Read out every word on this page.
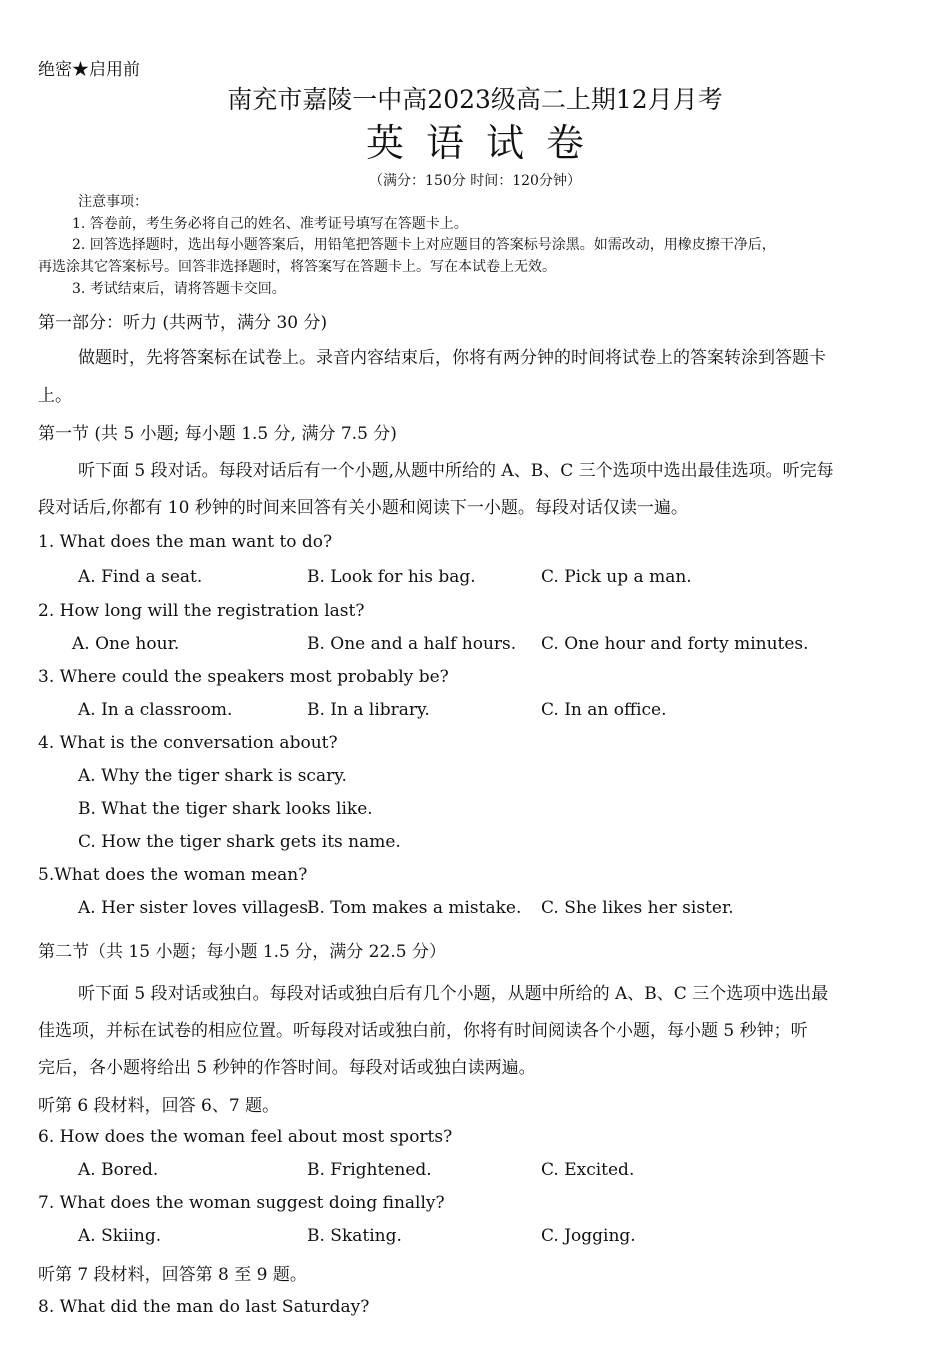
绝密★启用前
南充市嘉陵一中高2023级高二上期12月月考
英语试卷
（满分：150分 时间：120分钟）
注意事项：
1. 答卷前，考生务必将自己的姓名、准考证号填写在答题卡上。
2. 回答选择题时，选出每小题答案后，用铅笔把答题卡上对应题目的答案标号涂黑。如需改动，用橡皮擦干净后，
再选涂其它答案标号。回答非选择题时，将答案写在答题卡上。写在本试卷上无效。
3. 考试结束后，请将答题卡交回。
第一部分：听力 (共两节，满分 30 分)
做题时，先将答案标在试卷上。录音内容结束后，你将有两分钟的时间将试卷上的答案转涂到答题卡
上。
第一节 (共 5 小题; 每小题 1.5 分, 满分 7.5 分)
听下面 5 段对话。每段对话后有一个小题,从题中所给的 A、B、C 三个选项中选出最佳选项。听完每
段对话后,你都有 10 秒钟的时间来回答有关小题和阅读下一小题。每段对话仅读一遍。
1. What does the man want to do?
A. Find a seat.	B. Look for his bag.	C. Pick up a man.
2. How long will the registration last?
A. One hour.	B. One and a half hours. C. One hour and forty minutes.
3. Where could the speakers most probably be?
A. In a classroom.	B. In a library.	C. In an office.
4. What is the conversation about?
A. Why the tiger shark is scary.
B. What the tiger shark looks like.
C. How the tiger shark gets its name.
5.What does the woman mean?
A. Her sister loves villages.
B. Tom makes a mistake. C. She likes her sister.
第二节（共 15 小题；每小题 1.5 分，满分 22.5 分）
听下面 5 段对话或独白。每段对话或独白后有几个小题，从题中所给的 A、B、C 三个选项中选出最
佳选项，并标在试卷的相应位置。听每段对话或独白前，你将有时间阅读各个小题，每小题 5 秒钟；听
完后，各小题将给出 5 秒钟的作答时间。每段对话或独白读两遍。
听第 6 段材料，回答 6、7 题。
6. How does the woman feel about most sports?
A. Bored.	B. Frightened.	C. Excited.
7. What does the woman suggest doing finally?
A. Skiing.	B. Skating.	C. Jogging.
听第 7 段材料，回答第 8 至 9 题。
8. What did the man do last Saturday?
